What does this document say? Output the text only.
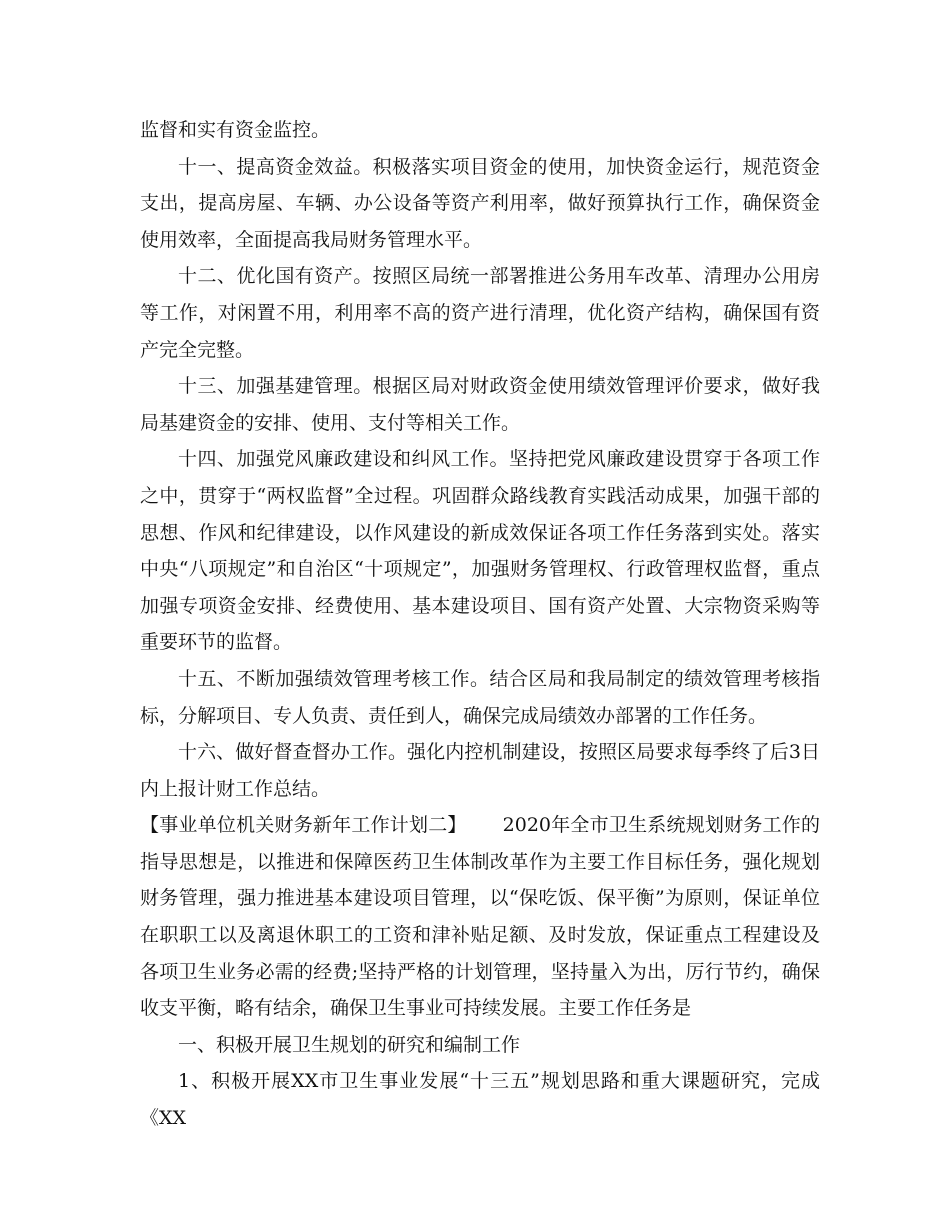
监督和实有资金监控。

十一、提高资金效益。积极落实项目资金的使用，加快资金运行，规范资金支出，提高房屋、车辆、办公设备等资产利用率，做好预算执行工作，确保资金使用效率，全面提高我局财务管理水平。

十二、优化国有资产。按照区局统一部署推进公务用车改革、清理办公用房等工作，对闲置不用，利用率不高的资产进行清理，优化资产结构，确保国有资产完全完整。

十三、加强基建管理。根据区局对财政资金使用绩效管理评价要求，做好我局基建资金的安排、使用、支付等相关工作。

十四、加强党风廉政建设和纠风工作。坚持把党风廉政建设贯穿于各项工作之中，贯穿于“两权监督”全过程。巩固群众路线教育实践活动成果，加强干部的思想、作风和纪律建设，以作风建设的新成效保证各项工作任务落到实处。落实中央“八项规定”和自治区“十项规定”，加强财务管理权、行政管理权监督，重点加强专项资金安排、经费使用、基本建设项目、国有资产处置、大宗物资采购等重要环节的监督。

十五、不断加强绩效管理考核工作。结合区局和我局制定的绩效管理考核指标，分解项目、专人负责、责任到人，确保完成局绩效办部署的工作任务。

十六、做好督查督办工作。强化内控机制建设，按照区局要求每季终了后3日内上报计财工作总结。

【事业单位机关财务新年工作计划二】 2020年全市卫生系统规划财务工作的指导思想是，以推进和保障医药卫生体制改革作为主要工作目标任务，强化规划财务管理，强力推进基本建设项目管理，以“保吃饭、保平衡”为原则，保证单位在职职工以及离退休职工的工资和津补贴足额、及时发放，保证重点工程建设及各项卫生业务必需的经费;坚持严格的计划管理，坚持量入为出，厉行节约，确保收支平衡，略有结余，确保卫生事业可持续发展。主要工作任务是

一、积极开展卫生规划的研究和编制工作

1、积极开展XX市卫生事业发展“十三五”规划思路和重大课题研究，完成《XX
